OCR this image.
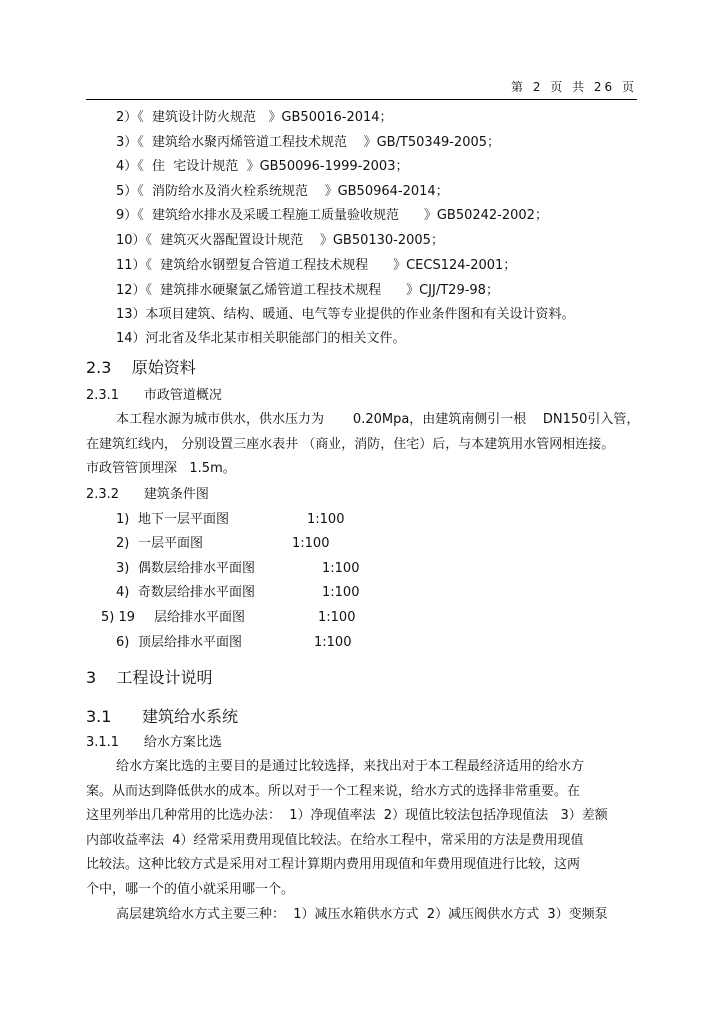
第 2 页 共 26 页
2）《  建筑设计防火规范   》GB50016-2014；
3）《  建筑给水聚丙烯管道工程技术规范    》GB/T50349-2005；
4）《  住  宅设计规范  》GB50096-1999-2003；
5）《  消防给水及消火栓系统规范    》GB50964-2014；
9）《  建筑给水排水及采暖工程施工质量验收规范      》GB50242-2002；
10）《  建筑灭火器配置设计规范    》GB50130-2005；
11）《  建筑给水钢塑复合管道工程技术规程      》CECS124-2001；
12）《  建筑排水硬聚氯乙烯管道工程技术规程      》CJJ/T29-98；
13）本项目建筑、结构、暖通、电气等专业提供的作业条件图和有关设计资料。
14）河北省及华北某市相关职能部门的相关文件。
2.3    原始资料
2.3.1      市政管道概况
本工程水源为城市供水，供水压力为       0.20Mpa，由建筑南侧引一根    DN150引入管，
在建筑红线内， 分别设置三座水表井 （商业，消防，住宅）后，与本建筑用水管网相连接。
市政管管顶埋深   1.5m。
2.3.2      建筑条件图
1) 地下一层平面图	1:100
2) 一层平面图	1:100
3) 偶数层给排水平面图	1:100
4) 奇数层给排水平面图	1:100
5) 19 层给排水平面图	1:100
6) 顶层给排水平面图	1:100
3    工程设计说明
3.1      建筑给水系统
3.1.1      给水方案比选
给水方案比选的主要目的是通过比较选择，来找出对于本工程最经济适用的给水方
案。从而达到降低供水的成本。所以对于一个工程来说，给水方式的选择非常重要。在
这里列举出几种常用的比选办法：  1）净现值率法  2）现值比较法包括净现值法   3）差额
内部收益率法  4）经常采用费用现值比较法。在给水工程中，常采用的方法是费用现值
比较法。这种比较方式是采用对工程计算期内费用用现值和年费用现值进行比较，这两
个中，哪一个的值小就采用哪一个。
高层建筑给水方式主要三种：  1）减压水箱供水方式  2）减压阀供水方式  3）变频泵
